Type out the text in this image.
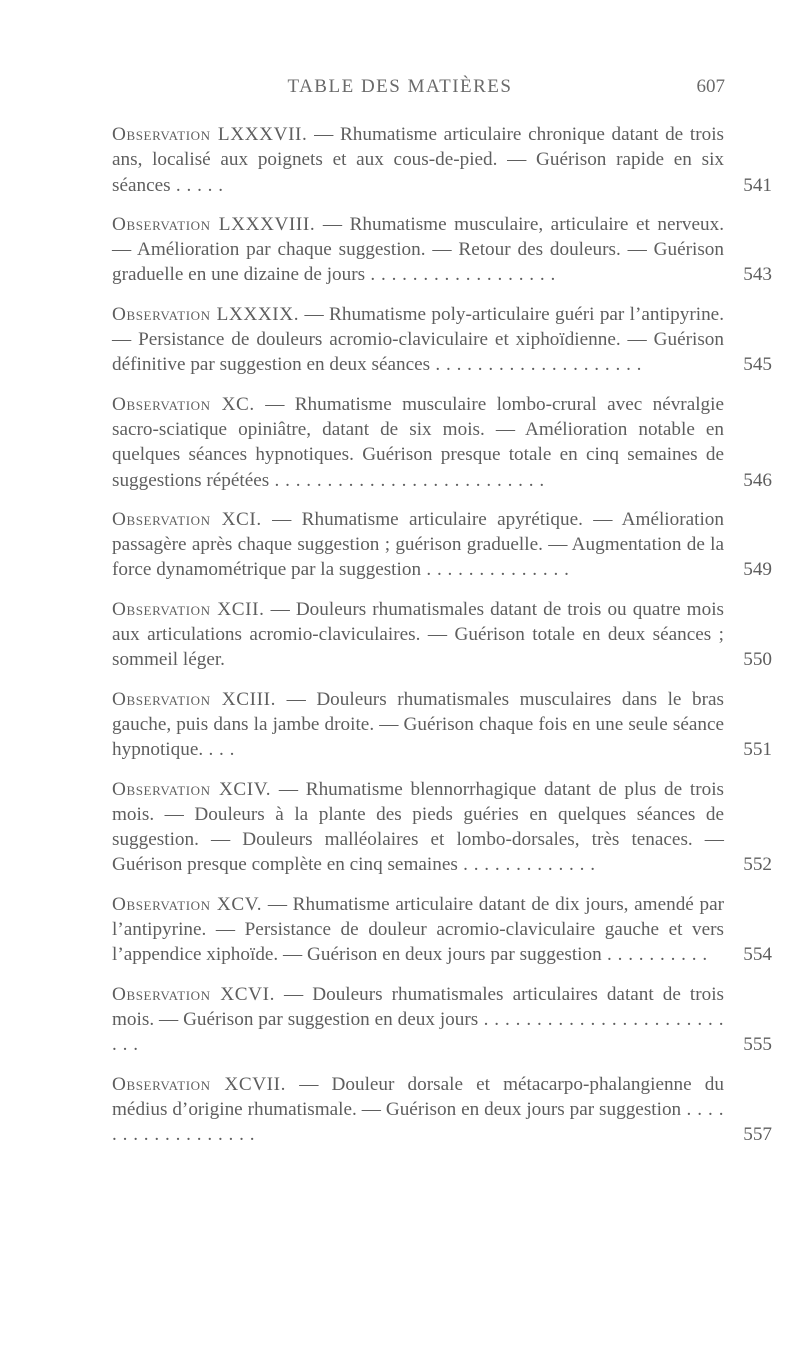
TABLE DES MATIÈRES	607
Observation LXXXVII. — Rhumatisme articulaire chronique datant de trois ans, localisé aux poignets et aux cous-de-pied. — Guérison rapide en six séances . . . . .	541
Observation LXXXVIII. — Rhumatisme musculaire, articulaire et nerveux. — Amélioration par chaque suggestion. — Retour des douleurs. — Guérison graduelle en une dizaine de jours . . . . . . . . . . . . . . . . . .	543
Observation LXXXIX. — Rhumatisme poly-articulaire guéri par l’antipyrine. — Persistance de douleurs acromio-claviculaire et xiphoïdienne. — Guérison définitive par suggestion en deux séances . . . . . . . . . . . . . . . . . . . .	545
Observation XC. — Rhumatisme musculaire lombo-crural avec névralgie sacro-sciatique opiniâtre, datant de six mois. — Amélioration notable en quelques séances hypnotiques. Guérison presque totale en cinq semaines de suggestions répétées . . . . . . . . . . . . . . . . . . . . . . . . . .	546
Observation XCI. — Rhumatisme articulaire apyrétique. — Amélioration passagère après chaque suggestion ; guérison graduelle. — Augmentation de la force dynamométrique par la suggestion . . . . . . . . . . . . . .	549
Observation XCII. — Douleurs rhumatismales datant de trois ou quatre mois aux articulations acromio-claviculaires. — Guérison totale en deux séances ; sommeil léger.	550
Observation XCIII. — Douleurs rhumatismales musculaires dans le bras gauche, puis dans la jambe droite. — Guérison chaque fois en une seule séance hypnotique. . . .	551
Observation XCIV. — Rhumatisme blennorrhagique datant de plus de trois mois. — Douleurs à la plante des pieds guéries en quelques séances de suggestion. — Douleurs malléolaires et lombo-dorsales, très tenaces. — Guérison presque complète en cinq semaines . . . . . . . . . . . . .	552
Observation XCV. — Rhumatisme articulaire datant de dix jours, amendé par l’antipyrine. — Persistance de douleur acromio-claviculaire gauche et vers l’appendice xiphoïde. — Guérison en deux jours par suggestion . . . . . . . . . .	554
Observation XCVI. — Douleurs rhumatismales articulaires datant de trois mois. — Guérison par suggestion en deux jours . . . . . . . . . . . . . . . . . . . . . . . . . .	555
Observation XCVII. — Douleur dorsale et métacarpo-phalangienne du médius d’origine rhumatismale. — Guérison en deux jours par suggestion . . . . . . . . . . . . . . . . . .	557
